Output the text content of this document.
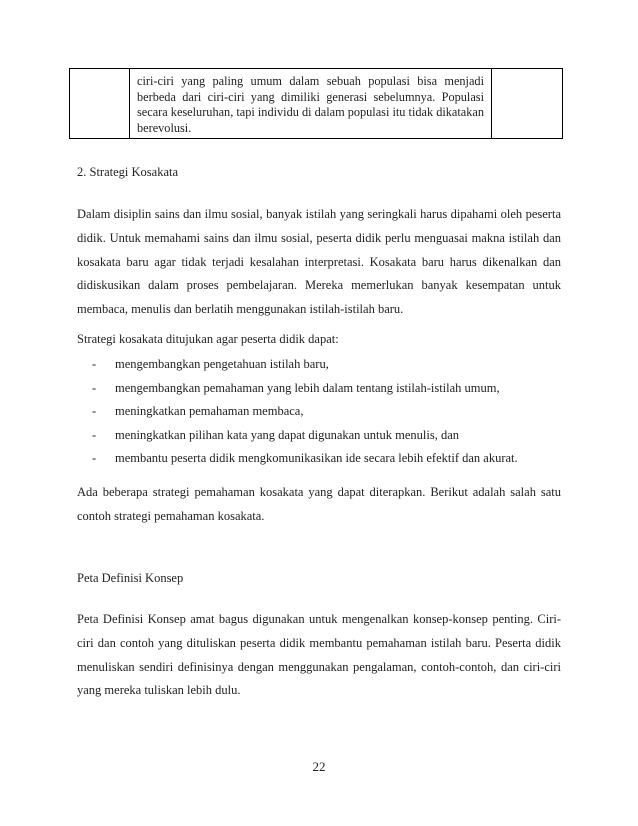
	ciri-ciri yang paling umum dalam sebuah populasi bisa menjadi berbeda dari ciri-ciri yang dimiliki generasi sebelumnya. Populasi secara keseluruhan, tapi individu di dalam populasi itu tidak dikatakan berevolusi.	

2. Strategi Kosakata

Dalam disiplin sains dan ilmu sosial, banyak istilah yang seringkali harus dipahami oleh peserta didik. Untuk memahami sains dan ilmu sosial, peserta didik perlu menguasai makna istilah dan kosakata baru agar tidak terjadi kesalahan interpretasi. Kosakata baru harus dikenalkan dan didiskusikan dalam proses pembelajaran. Mereka memerlukan banyak kesempatan untuk membaca, menulis dan berlatih menggunakan istilah-istilah baru.

Strategi kosakata ditujukan agar peserta didik dapat:

- mengembangkan pengetahuan istilah baru,
- mengembangkan pemahaman yang lebih dalam tentang istilah-istilah umum,
- meningkatkan pemahaman membaca,
- meningkatkan pilihan kata yang dapat digunakan untuk menulis, dan
- membantu peserta didik mengkomunikasikan ide secara lebih efektif dan akurat.

Ada beberapa strategi pemahaman kosakata yang dapat diterapkan. Berikut adalah salah satu contoh strategi pemahaman kosakata.

Peta Definisi Konsep

Peta Definisi Konsep amat bagus digunakan untuk mengenalkan konsep-konsep penting. Ciri-ciri dan contoh yang dituliskan peserta didik membantu pemahaman istilah baru. Peserta didik menuliskan sendiri definisinya dengan menggunakan pengalaman, contoh-contoh, dan ciri-ciri yang mereka tuliskan lebih dulu.

22
